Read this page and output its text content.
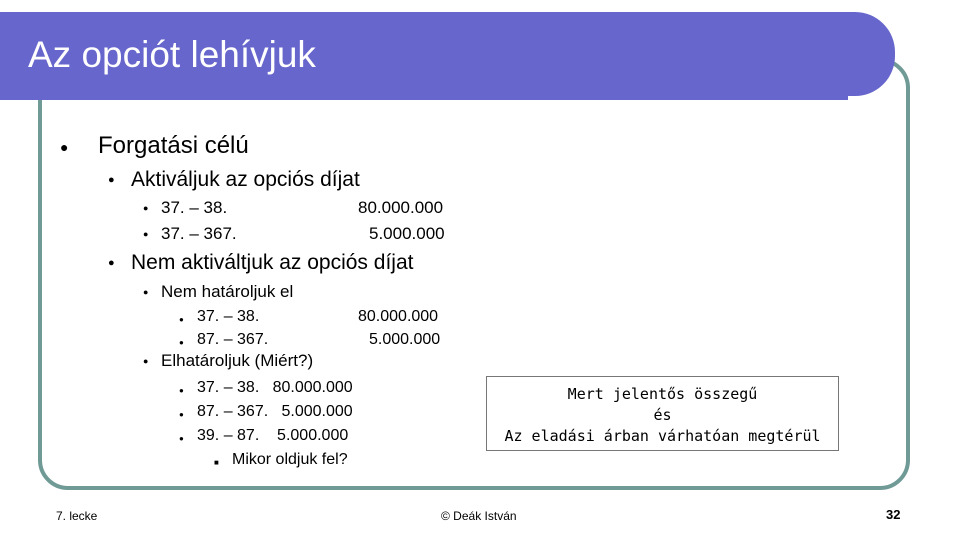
Az opciót lehívjuk
● Forgatási célú
● Aktiváljuk az opciós díjat
● 37. – 38.	80.000.000
● 37. – 367.	5.000.000
● Nem aktiváltjuk az opciós díjat
● Nem határoljuk el
● 37. – 38.	80.000.000
● 87. – 367.	5.000.000
● Elhatároljuk (Miért?)
● 37. – 38.   80.000.000
● 87. – 367.   5.000.000
● 39. – 87.    5.000.000
■ Mikor oldjuk fel?
Mert jelentős összegű
és
Az eladási árban várhatóan megtérül
7. lecke	© Deák István	32
